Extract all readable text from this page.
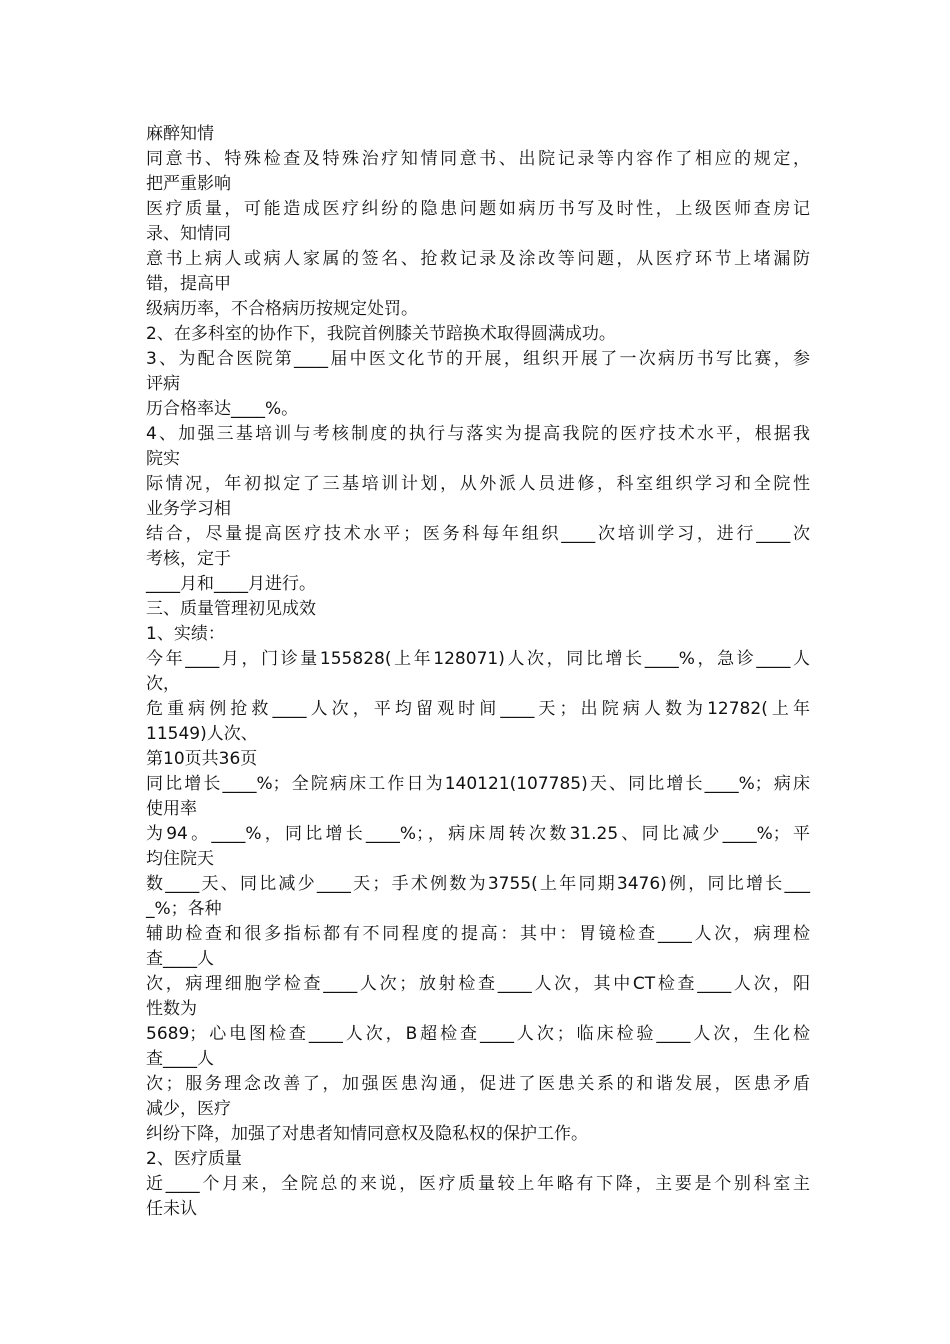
麻醉知情
同意书、特殊检查及特殊治疗知情同意书、出院记录等内容作了相应的规定，
把严重影响
医疗质量，可能造成医疗纠纷的隐患问题如病历书写及时性，上级医师查房记
录、知情同
意书上病人或病人家属的签名、抢救记录及涂改等问题，从医疗环节上堵漏防
错，提高甲
级病历率，不合格病历按规定处罚。
2、在多科室的协作下，我院首例膝关节踣换术取得圆满成功。
3、为配合医院第____届中医文化节的开展，组织开展了一次病历书写比赛，参
评病
历合格率达____%。
4、加强三基培训与考核制度的执行与落实为提高我院的医疗技术水平，根据我
院实
际情况，年初拟定了三基培训计划，从外派人员进修，科室组织学习和全院性
业务学习相
结合，尽量提高医疗技术水平；医务科每年组织____次培训学习，进行____次
考核，定于
____月和____月进行。
三、质量管理初见成效
1、实绩：
今年____月，门诊量155828(上年128071)人次，同比增长____%，急诊____人
次，
危重病例抢救____人次，平均留观时间____天；出院病人数为12782(上年
11549)人次、
第10页共36页
同比增长____%；全院病床工作日为140121(107785)天、同比增长____%；病床
使用率
为94。____%，同比增长____%；，病床周转次数31.25、同比减少____%；平
均住院天
数____天、同比减少____天；手术例数为3755(上年同期3476)例，同比增长___
_%；各种
辅助检查和很多指标都有不同程度的提高：其中：胃镜检查____人次，病理检
查____人
次，病理细胞学检查____人次；放射检查____人次，其中CT检查____人次，阳
性数为
5689；心电图检查____人次，B超检查____人次；临床检验____人次，生化检
查____人
次；服务理念改善了，加强医患沟通，促进了医患关系的和谐发展，医患矛盾
减少，医疗
纠纷下降，加强了对患者知情同意权及隐私权的保护工作。
2、医疗质量
近____个月来，全院总的来说，医疗质量较上年略有下降，主要是个别科室主
任未认
